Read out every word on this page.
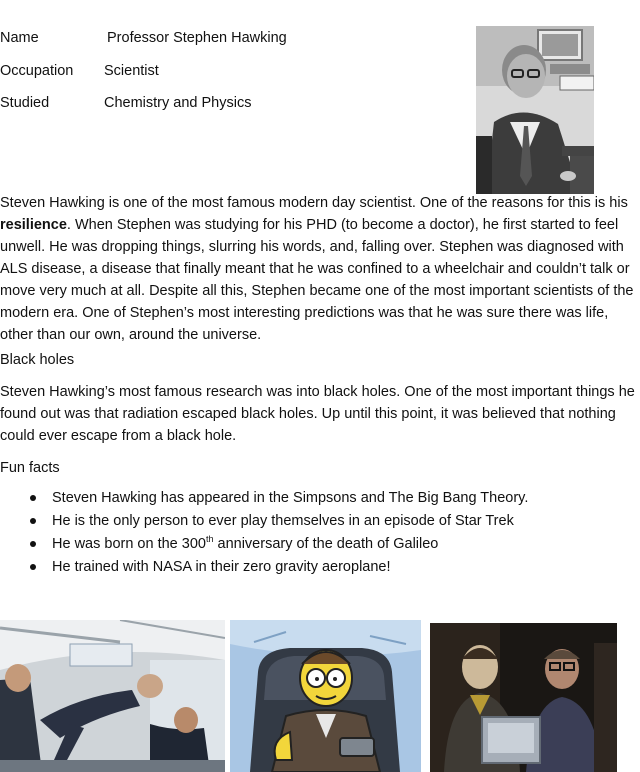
Name	Professor Stephen Hawking
Occupation Scientist
Studied	Chemistry and Physics
Steven Hawking is one of the most famous modern day scientist. One of the reasons for this is his
resilience. When Stephen was studying for his PHD (to become a doctor), he first started to feel
unwell. He was dropping things, slurring his words, and, falling over. Stephen was diagnosed with
ALS disease, a disease that finally meant that he was confined to a wheelchair and couldn’t talk or
move very much at all. Despite all this, Stephen became one of the most important scientists of the
modern era. One of Stephen’s most interesting predictions was that he was sure there was life,
other than our own, around the universe.
Black holes
Steven Hawking’s most famous research was into black holes. One of the most important things he
found out was that radiation escaped black holes. Up until this point, it was believed that nothing
could ever escape from a black hole.
Fun facts
Steven Hawking has appeared in the Simpsons and The Big Bang Theory.
He is the only person to ever play themselves in an episode of Star Trek
He was born on the 300th anniversary of the death of Galileo
He trained with NASA in their zero gravity aeroplane!
